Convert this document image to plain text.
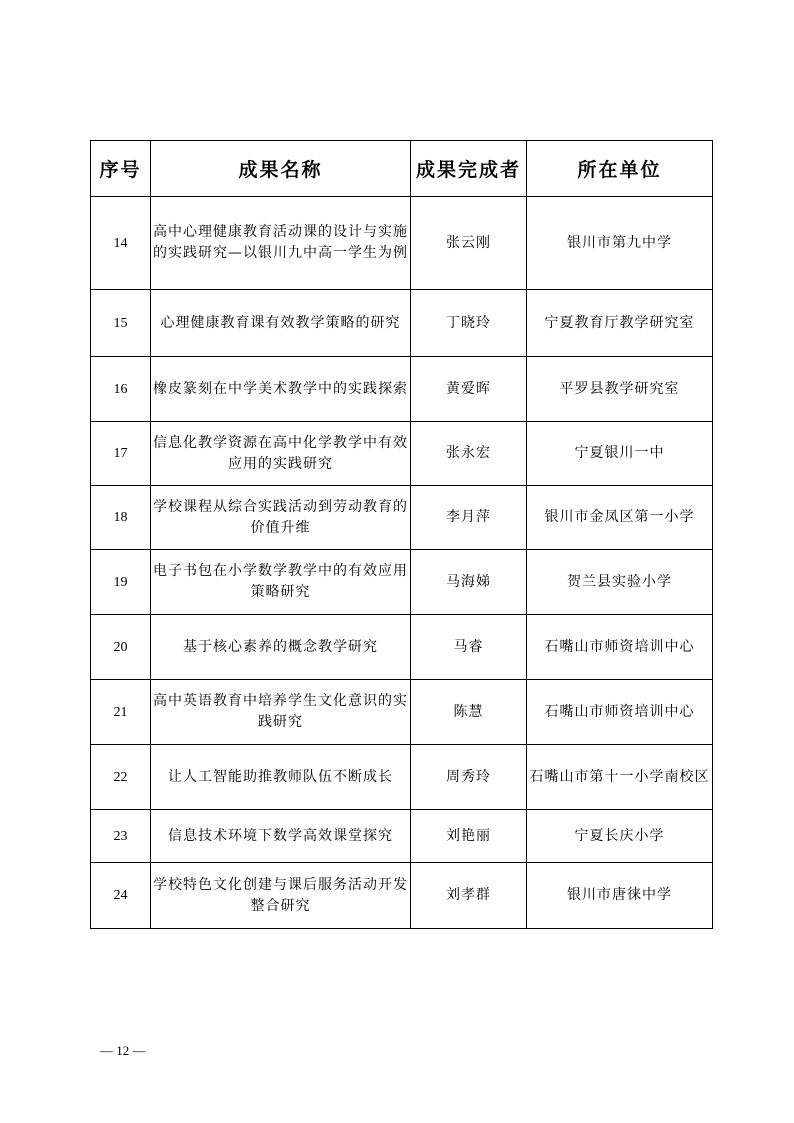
序号	成果名称	成果完成者	所在单位
14	高中心理健康教育活动课的设计与实施的实践研究—以银川九中高一学生为例	张云刚	银川市第九中学
15	心理健康教育课有效教学策略的研究	丁晓玲	宁夏教育厅教学研究室
16	橡皮篆刻在中学美术教学中的实践探索	黄爱晖	平罗县教学研究室
17	信息化教学资源在高中化学教学中有效应用的实践研究	张永宏	宁夏银川一中
18	学校课程从综合实践活动到劳动教育的价值升维	李月萍	银川市金凤区第一小学
19	电子书包在小学数学教学中的有效应用策略研究	马海娣	贺兰县实验小学
20	基于核心素养的概念教学研究	马睿	石嘴山市师资培训中心
21	高中英语教育中培养学生文化意识的实践研究	陈慧	石嘴山市师资培训中心
22	让人工智能助推教师队伍不断成长	周秀玲	石嘴山市第十一小学南校区
23	信息技术环境下数学高效课堂探究	刘艳丽	宁夏长庆小学
24	学校特色文化创建与课后服务活动开发整合研究	刘孝群	银川市唐徕中学
— 12 —
